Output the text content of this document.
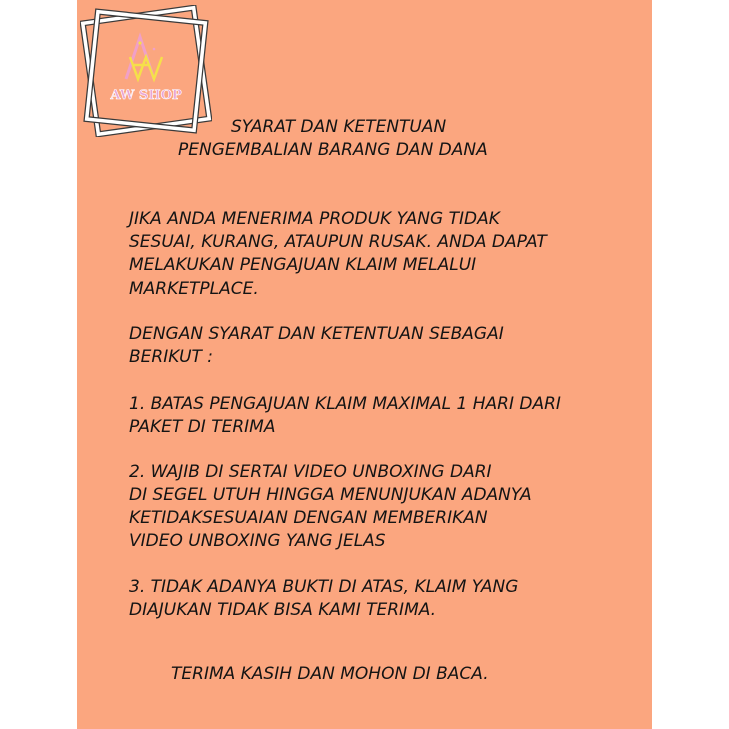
AW SHOP

SYARAT DAN KETENTUAN

PENGEMBALIAN BARANG DAN DANA

JIKA ANDA MENERIMA PRODUK YANG TIDAK

SESUAI, KURANG, ATAUPUN RUSAK. ANDA DAPAT

MELAKUKAN PENGAJUAN KLAIM MELALUI

MARKETPLACE.

DENGAN SYARAT DAN KETENTUAN SEBAGAI

BERIKUT :

1. BATAS PENGAJUAN KLAIM MAXIMAL 1 HARI DARI

PAKET DI TERIMA

2. WAJIB DI SERTAI VIDEO UNBOXING DARI

DI SEGEL UTUH HINGGA MENUNJUKAN ADANYA

KETIDAKSESUAIAN DENGAN MEMBERIKAN

VIDEO UNBOXING YANG JELAS

3. TIDAK ADANYA BUKTI DI ATAS, KLAIM YANG

DIAJUKAN TIDAK BISA KAMI TERIMA.

TERIMA KASIH DAN MOHON DI BACA.
